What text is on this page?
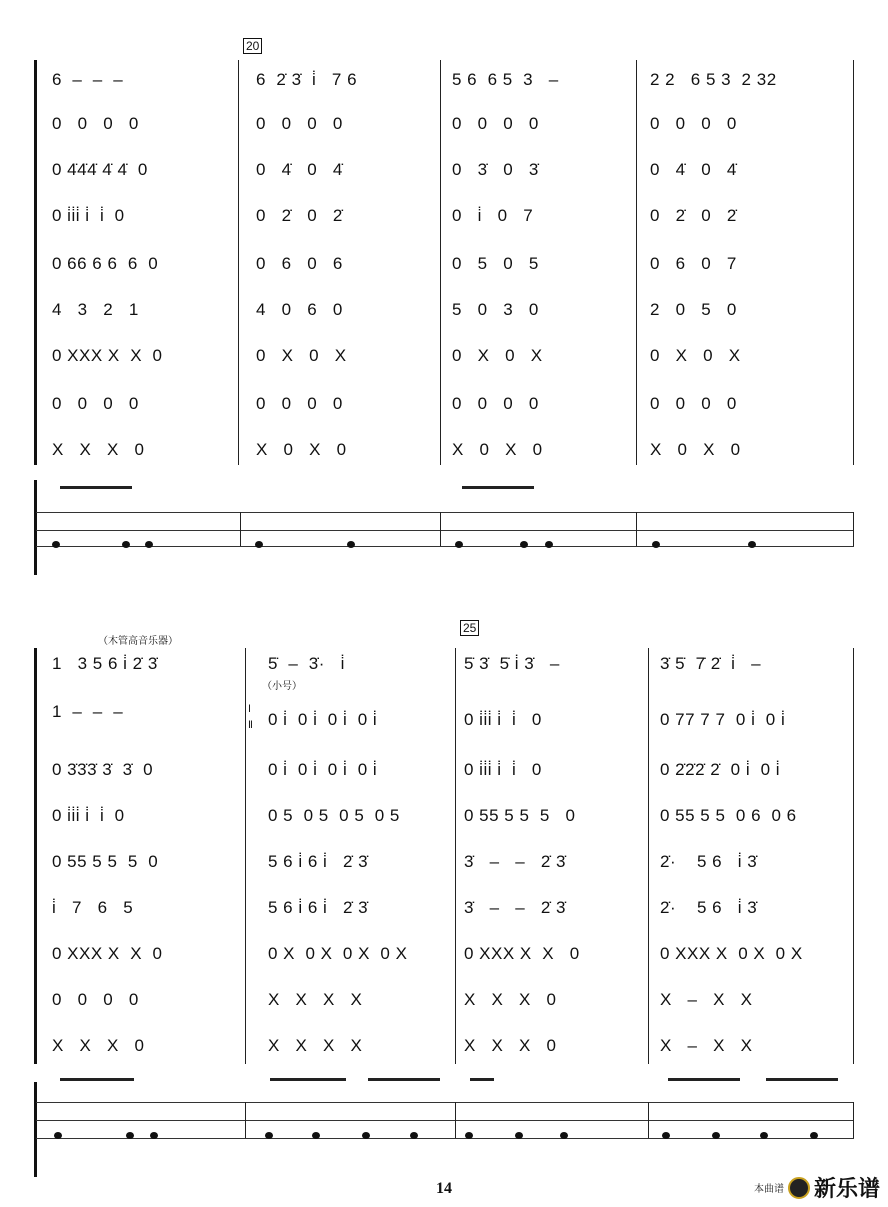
20
6  –  –  –	6  2̇ 3̇  i̇   7 6	5 6  6 5  3   –	2 2   6 5 3  2 32
0   0   0   0	0   0   0   0	0   0   0   0	0   0   0   0
0 4̇4̇4̇ 4̇ 4̇  0	0   4̇   0   4̇	0   3̇   0   3̇	0   4̇   0   4̇
0 i̇i̇i̇ i̇  i̇  0	0   2̇   0   2̇	0   i̇   0   7	0   2̇   0   2̇
0 66 6 6  6  0	0   6   0   6	0   5   0   5	0   6   0   7
4   3   2   1	4   0   6   0	5   0   3   0	2   0   5   0
0 XXX X  X  0	0   X   0   X	0   X   0   X	0   X   0   X
0   0   0   0	0   0   0   0	0   0   0   0	0   0   0   0
X   X   X   0	X   0   X   0	X   0   X   0	X   0   X   0
（木管高音乐器）
25
（小号）
Ⅰ Ⅱ
1   3 5 6 i̇ 2̇ 3̇	5̇  –  3̇·   i̇	5̇ 3̇  5̇ i̇ 3̇   –	3̇ 5̇  7̇ 2̇  i̇   –
1  –  –  –	0 i̇  0 i̇  0 i̇  0 i̇	0 i̇i̇i̇ i̇  i̇   0	0 77 7 7  0 i̇  0 i̇
0 3̇3̇3̇ 3̇  3̇  0	0 i̇  0 i̇  0 i̇  0 i̇	0 i̇i̇i̇ i̇  i̇   0	0 2̇2̇2̇ 2̇  0 i̇  0 i̇
0 i̇i̇i̇ i̇  i̇  0	0 5  0 5  0 5  0 5	0 55 5 5  5   0	0 55 5 5  0 6  0 6
0 55 5 5  5  0	5 6 i̇ 6 i̇   2̇ 3̇	3̇   –   –   2̇ 3̇	2̇·    5 6   i̇ 3̇
i̇   7   6   5	5 6 i̇ 6 i̇   2̇ 3̇	3̇   –   –   2̇ 3̇	2̇·    5 6   i̇ 3̇
0 XXX X  X  0	0 X  0 X  0 X  0 X	0 XXX X  X   0	0 XXX X  0 X  0 X
0   0   0   0	X   X   X   X	X   X   X   0	X   –   X   X
X   X   X   0	X   X   X   X	X   X   X   0	X   –   X   X
14	本曲谱 新乐谱
